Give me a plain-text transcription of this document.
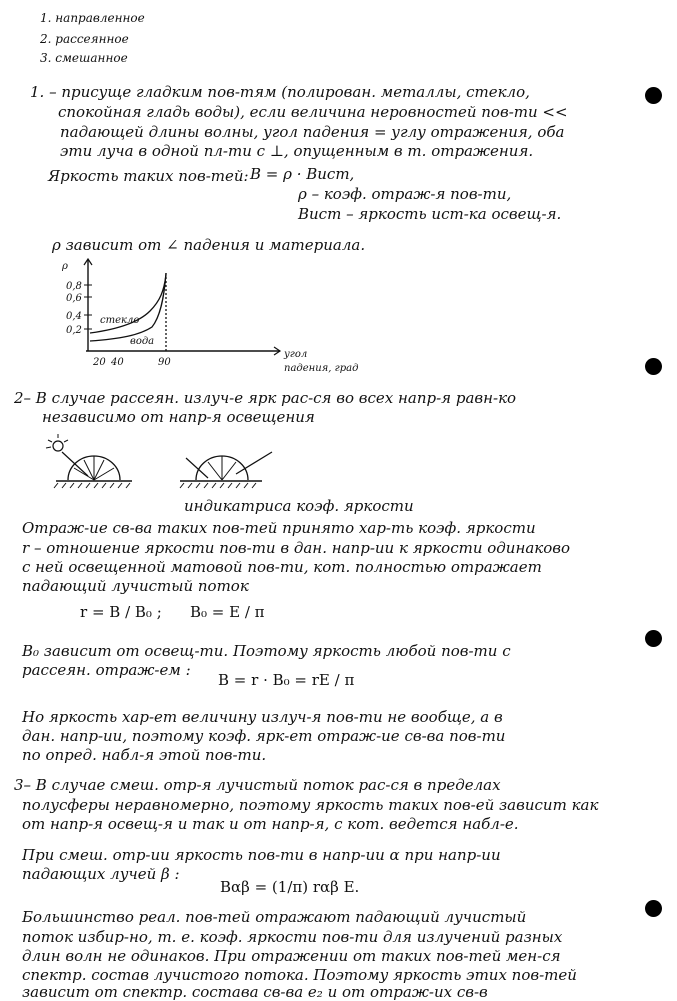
1. направленное
2. рассеянное
3. смешанное
1. – присуще гладким пов-тям (полирован. металлы, стекло,
спокойная гладь воды), если величина неровностей пов-ти <<
падающей длины волны, угол падения = углу отражения, оба
эти луча в одной пл-ти с ⊥, опущенным в т. отражения.
Яркость таких пов-тей: B = ρ · Bист,
ρ – коэф. отраж-я пов-ти,
Bист – яркость ист-ка освещ-я.
ρ зависит от ∠ падения и материала.
ρ
0,8
0,6
0,4
0,2
стекло
вода
20 40	90
угол
падения, град
2– В случае рассеян. излуч-е ярк рас-ся во всех напр-я равн-ко
независимо от напр-я освещения
индикатриса коэф. яркости
Отраж-ие св-ва таких пов-тей принято хар-ть коэф. яркости
r – отношение яркости пов-ти в дан. напр-ии к яркости одинаково
с ней освещенной матовой пов-ти, кот. полностью отражает
падающий лучистый поток
r = B / B₀ ; B₀ = E / π
B₀ зависит от освещ-ти. Поэтому яркость любой пов-ти с
рассеян. отраж-ем :
B = r · B₀ = rE / π
Но яркость хар-ет величину излуч-я пов-ти не вообще, а в
дан. напр-ии, поэтому коэф. ярк-ет отраж-ие св-ва пов-ти
по опред. набл-я этой пов-ти.
3– В случае смеш. отр-я лучистый поток рас-ся в пределах
полусферы неравномерно, поэтому яркость таких пов-ей зависит как
от напр-я освещ-я и так и от напр-я, с кот. ведется набл-е.
При смеш. отр-ии яркость пов-ти в напр-ии α при напр-ии
падающих лучей β :
Bαβ = (1/π) rαβ E.
Большинство реал. пов-тей отражают падающий лучистый
поток избир-но, т. е. коэф. яркости пов-ти для излучений разных
длин волн не одинаков. При отражении от таких пов-тей мен-ся
спектр. состав лучистого потока. Поэтому яркость этих пов-тей
зависит от спектр. состава св-ва е₂ и от отраж-их св-в
